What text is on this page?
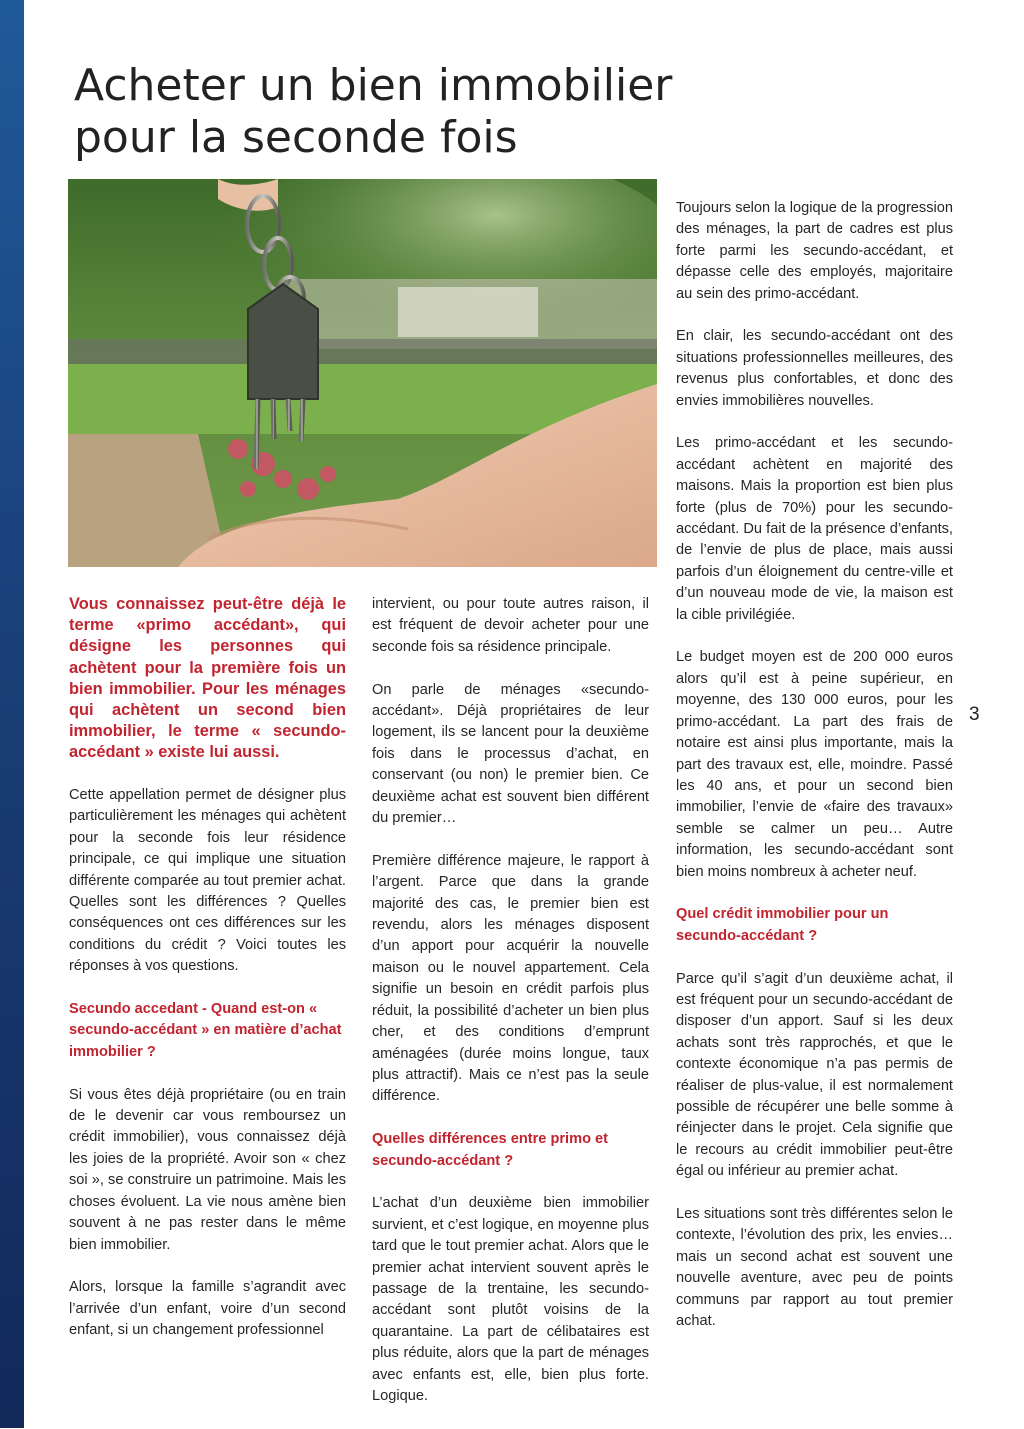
Acheter un bien immobilier
pour la seconde fois

Vous connaissez peut-être déjà le terme «primo accédant», qui désigne les personnes qui achètent pour la première fois un bien immobilier. Pour les ménages qui achètent un second bien immobilier, le terme « secundo-accédant » existe lui aussi.

Cette appellation permet de désigner plus particulièrement les ménages qui achètent pour la seconde fois leur résidence principale, ce qui implique une situation différente comparée au tout premier achat. Quelles sont les différences ? Quelles conséquences ont ces différences sur les conditions du crédit ? Voici toutes les réponses à vos questions.

Secundo accedant - Quand est-on « secundo-accédant » en matière d’achat immobilier ?

Si vous êtes déjà propriétaire (ou en train de le devenir car vous remboursez un crédit immobilier), vous connaissez déjà les joies de la propriété. Avoir son « chez soi », se construire un patrimoine. Mais les choses évoluent. La vie nous amène bien souvent à ne pas rester dans le même bien immobilier.

Alors, lorsque la famille s’agrandit avec l’arrivée d’un enfant, voire d’un second enfant, si un changement professionnel

intervient, ou pour toute autres raison, il est fréquent de devoir acheter pour une seconde fois sa résidence principale.

On parle de ménages «secundo-accédant». Déjà propriétaires de leur logement, ils se lancent pour la deuxième fois dans le processus d’achat, en conservant (ou non) le premier bien. Ce deuxième achat est souvent bien différent du premier…

Première différence majeure, le rapport à l’argent. Parce que dans la grande majorité des cas, le premier bien est revendu, alors les ménages disposent d’un apport pour acquérir la nouvelle maison ou le nouvel appartement. Cela signifie un besoin en crédit parfois plus réduit, la possibilité d’acheter un bien plus cher, et des conditions d’emprunt aménagées (durée moins longue, taux plus attractif). Mais ce n’est pas la seule différence.

Quelles différences entre primo et secundo-accédant ?

L’achat d’un deuxième bien immobilier survient, et c’est logique, en moyenne plus tard que le tout premier achat. Alors que le premier achat intervient souvent après le passage de la trentaine, les secundo-accédant sont plutôt voisins de la quarantaine. La part de célibataires est plus réduite, alors que la part de ménages avec enfants est, elle, bien plus forte. Logique.

Toujours selon la logique de la progression des ménages, la part de cadres est plus forte parmi les secundo-accédant, et dépasse celle des employés, majoritaire au sein des primo-accédant.

En clair, les secundo-accédant ont des situations professionnelles meilleures, des revenus plus confortables, et donc des envies immobilières nouvelles.

Les primo-accédant et les secundo-accédant achètent en majorité des maisons. Mais la proportion est bien plus forte (plus de 70%) pour les secundo-accédant. Du fait de la présence d’enfants, de l’envie de plus de place, mais aussi parfois d’un éloignement du centre-ville et d’un nouveau mode de vie, la maison est la cible privilégiée.

Le budget moyen est de 200 000 euros alors qu’il est à peine supérieur, en moyenne, des 130 000 euros, pour les primo-accédant. La part des frais de notaire est ainsi plus importante, mais la part des travaux est, elle, moindre. Passé les 40 ans, et pour un second bien immobilier, l’envie de «faire des travaux» semble se calmer un peu… Autre information, les secundo-accédant sont bien moins nombreux à acheter neuf.

Quel crédit immobilier pour un secundo-accédant ?

Parce qu’il s’agit d’un deuxième achat, il est fréquent pour un secundo-accédant de disposer d’un apport. Sauf si les deux achats sont très rapprochés, et que le contexte économique n’a pas permis de réaliser de plus-value, il est normalement possible de récupérer une belle somme à réinjecter dans le projet. Cela signifie que le recours au crédit immobilier peut-être égal ou inférieur au premier achat.

Les situations sont très différentes selon le contexte, l’évolution des prix, les envies… mais un second achat est souvent une nouvelle aventure, avec peu de points communs par rapport au tout premier achat.

3
